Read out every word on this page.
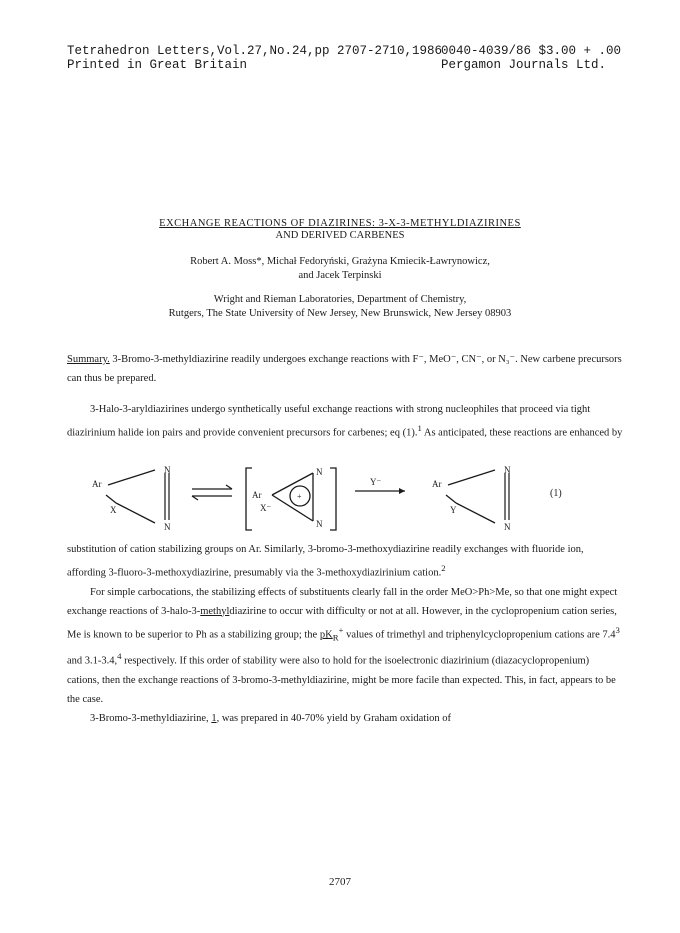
Tetrahedron Letters,Vol.27,No.24,pp 2707-2710,1986
Printed in Great Britain
0040-4039/86 $3.00 + .00
Pergamon Journals Ltd.
EXCHANGE REACTIONS OF DIAZIRINES: 3-X-3-METHYLDIAZIRINES
AND DERIVED CARBENES
Robert A. Moss*, Michał Fedoryński, Grażyna Kmiecik-Ławrynowicz,
and Jacek Terpinski
Wright and Rieman Laboratories, Department of Chemistry,
Rutgers, The State University of New Jersey, New Brunswick, New Jersey 08903

Summary. 3-Bromo-3-methyldiazirine readily undergoes exchange reactions with F⁻, MeO⁻, CN⁻, or N₃⁻. New carbene precursors can thus be prepared.

3-Halo-3-aryldiazirines undergo synthetically useful exchange reactions with strong nucleophiles that proceed via tight diazirinium halide ion pairs and provide convenient precursors for carbenes; eq (1).$^1$ As anticipated, these reactions are enhanced by

Ar
X
N
N
Ar
X⁻
+
N
N
Y⁻	Ar
Y
N
N
(1)

substitution of cation stabilizing groups on Ar. Similarly, 3-bromo-3-methoxydiazirine readily exchanges with fluoride ion, affording 3-fluoro-3-methoxydiazirine, presumably via the 3-methoxydiazirinium cation.$^2$

For simple carbocations, the stabilizing effects of substituents clearly fall in the order MeO>Ph>Me, so that one might expect exchange reactions of 3-halo-3-methyldiazirine to occur with difficulty or not at all. However, in the cyclopropenium cation series, Me is known to be superior to Ph as a stabilizing group; the $pK_R^+$ values of trimethyl and triphenylcyclopropenium cations are $7.4^3$ and 3.1-3.4,$^4$ respectively. If this order of stability were also to hold for the isoelectronic diazirinium (diazacyclopropenium) cations, then the exchange reactions of 3-bromo-3-methyldiazirine, might be more facile than expected. This, in fact, appears to be the case.

3-Bromo-3-methyldiazirine, 1, was prepared in 40-70% yield by Graham oxidation of

2707
